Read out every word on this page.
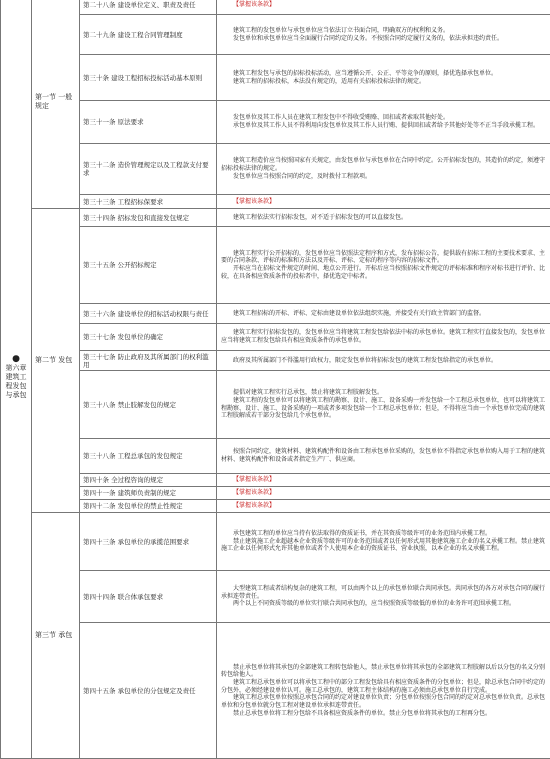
●
第六章 建筑工程发包与承包	第一节 一般规定	第二十八条 建设单位定义、职责及责任	【掌握该条款】

		第二十九条 建设工程合同管理制度	建筑工程的发包单位与承包单位应当依法订立书面合同，明确双方的权利和义务。

发包单位和承包单位应当全面履行合同约定的义务。不按照合同约定履行义务的，依法承担违约责任。

		第三十条 建设工程招标投标活动基本原则	建筑工程发包与承包的招标投标活动，应当遵循公开、公正、平等竞争的原则，择优选择承包单位。

建筑工程的招标投标，本法没有规定的，适用有关招标投标法律的规定。

		第三十一条 原法要求	发包单位及其工作人员在建筑工程发包中不得收受贿赂、回扣或者索取其他好处。

承包单位及其工作人员不得利用向发包单位及其工作人员行贿、提供回扣或者给予其他好处等不正当手段承揽工程。

		第三十二条 造价管理规定以及工程款支付要求	建筑工程造价应当按照国家有关规定，由发包单位与承包单位在合同中约定。公开招标发包的，其造价的约定，须遵守招标投标法律的规定。

发包单位应当按照合同的约定，及时拨付工程款项。

		第三十三条 工程招标保要求	【掌握该条款】

	第二节 发包	第三十四条 招标发包和直接发包规定	建筑工程依法实行招标发包，对不适于招标发包的可以直接发包。

		第三十五条 公开招标规定	建筑工程实行公开招标的，发包单位应当依照法定程序和方式，发布招标公告，提供载有招标工程的主要技术要求、主要的合同条款、评标的标准和方法以及开标、评标、定标的程序等内容的招标文件。

开标应当在招标文件规定的时间、地点公开进行。开标后应当按照招标文件规定的评标标准和程序对标书进行评价、比较，在具备相应资质条件的投标者中，择优选定中标者。

		第三十六条 建设单位的招标活动权限与责任	建筑工程招标的开标、评标、定标由建设单位依法组织实施，并接受有关行政主管部门的监督。

		第三十七条 发包单位的确定	建筑工程实行招标发包的，发包单位应当将建筑工程发包给依法中标的承包单位。建筑工程实行直接发包的，发包单位应当将建筑工程发包给具有相应资质条件的承包单位。

		第三十七条 防止政府及其所属部门的权利滥用	政府及其所属部门不得滥用行政权力，限定发包单位将招标发包的建筑工程发包给指定的承包单位。

		第三十八条 禁止肢解发包的规定	提倡对建筑工程实行总承包，禁止将建筑工程肢解发包。

建筑工程的发包单位可以将建筑工程的勘察、设计、施工、设备采购一并发包给一个工程总承包单位，也可以将建筑工程勘察、设计、施工、设备采购的一项或者多项发包给一个工程总承包单位；但是，不得将应当由一个承包单位完成的建筑工程肢解成若干部分发包给几个承包单位。

		第三十八条 工程总承包的发包规定	按照合同约定，建筑材料、建筑构配件和设备由工程承包单位采购的，发包单位不得指定承包单位购入用于工程的建筑材料、建筑构配件和设备或者指定生产厂、供应商。

		第四十条 全过程咨询的规定	【掌握该条款】

		第四十一条 建筑师负责制的规定	【掌握该条款】

		第四十二条 发包单位的禁止性规定	【掌握该条款】

	第三节 承包	第四十三条 承包单位的承揽范围要求	承包建筑工程的单位应当持有依法取得的资质证书，并在其资质等级许可的业务范围内承揽工程。

禁止建筑施工企业超越本企业资质等级许可的业务范围或者以任何形式用其他建筑施工企业的名义承揽工程。禁止建筑施工企业以任何形式允许其他单位或者个人使用本企业的资质证书、营业执照，以本企业的名义承揽工程。

		第四十四条 联合体承包要求	大型建筑工程或者结构复杂的建筑工程，可以由两个以上的承包单位联合共同承包。共同承包的各方对承包合同的履行承担连带责任。

两个以上不同资质等级的单位实行联合共同承包的，应当按照资质等级低的单位的业务许可范围承揽工程。

		第四十五条 承包单位的分包规定及责任	禁止承包单位将其承包的全部建筑工程转包给他人，禁止承包单位将其承包的全部建筑工程肢解以后以分包的名义分别转包给他人。

建筑工程总承包单位可以将承包工程中的部分工程发包给具有相应资质条件的分包单位；但是，除总承包合同中约定的分包外，必须经建设单位认可。施工总承包的，建筑工程主体结构的施工必须由总承包单位自行完成。

建筑工程总承包单位按照总承包合同的约定对建设单位负责；分包单位按照分包合同的约定对总承包单位负责。总承包单位和分包单位就分包工程对建设单位承担连带责任。

禁止总承包单位将工程分包给不具备相应资质条件的单位。禁止分包单位将其承包的工程再分包。
